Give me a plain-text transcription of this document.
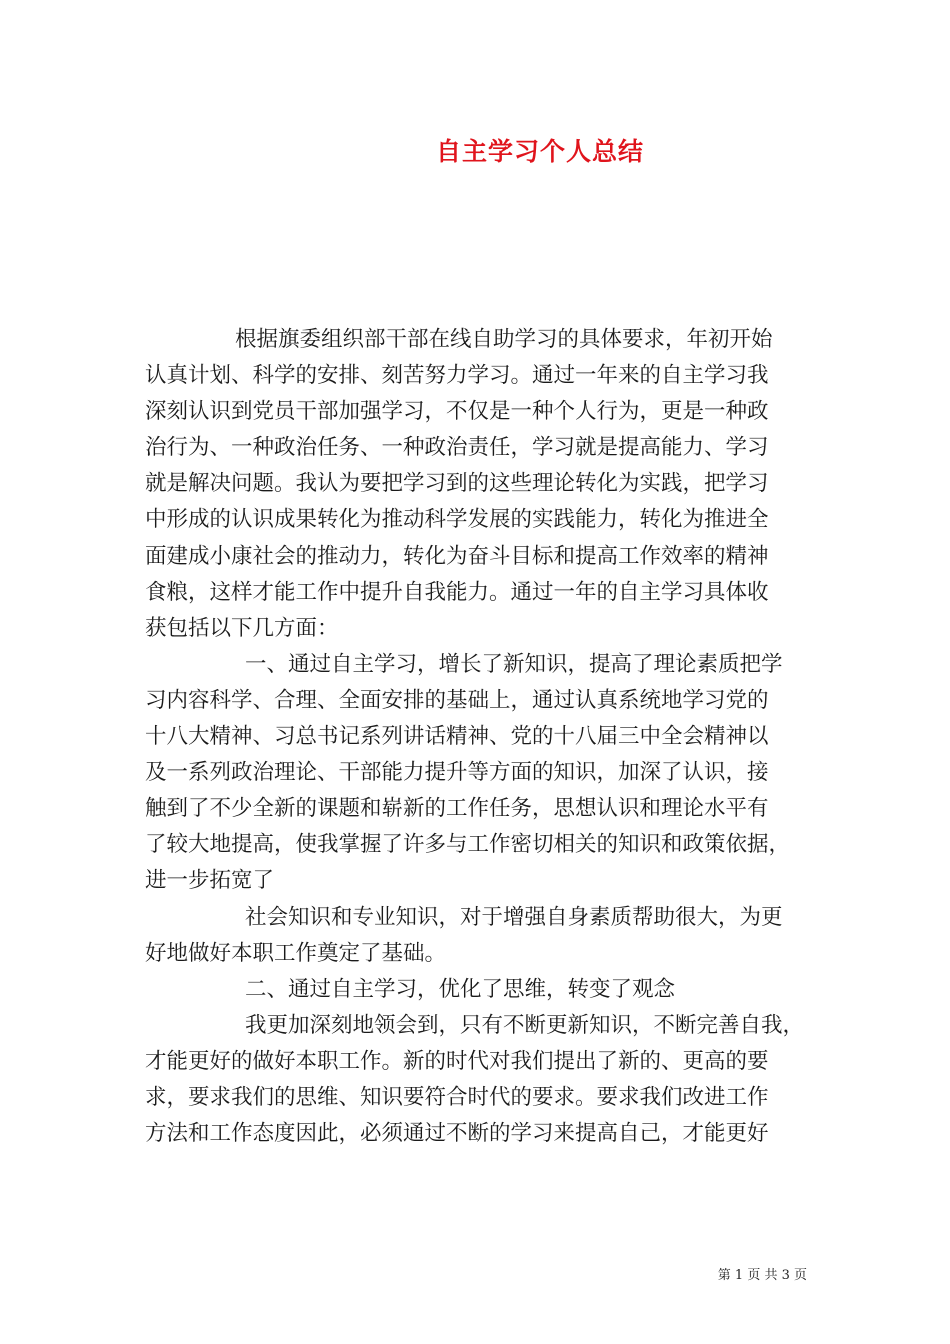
自主学习个人总结
根据旗委组织部干部在线自助学习的具体要求，年初开始
认真计划、科学的安排、刻苦努力学习。通过一年来的自主学习我
深刻认识到党员干部加强学习，不仅是一种个人行为，更是一种政
治行为、一种政治任务、一种政治责任，学习就是提高能力、学习
就是解决问题。我认为要把学习到的这些理论转化为实践，把学习
中形成的认识成果转化为推动科学发展的实践能力，转化为推进全
面建成小康社会的推动力，转化为奋斗目标和提高工作效率的精神
食粮，这样才能工作中提升自我能力。通过一年的自主学习具体收
获包括以下几方面：
一、通过自主学习，增长了新知识，提高了理论素质把学
习内容科学、合理、全面安排的基础上，通过认真系统地学习党的
十八大精神、习总书记系列讲话精神、党的十八届三中全会精神以
及一系列政治理论、干部能力提升等方面的知识，加深了认识，接
触到了不少全新的课题和崭新的工作任务，思想认识和理论水平有
了较大地提高，使我掌握了许多与工作密切相关的知识和政策依据，
进一步拓宽了
社会知识和专业知识，对于增强自身素质帮助很大，为更
好地做好本职工作奠定了基础。
二、通过自主学习，优化了思维，转变了观念
我更加深刻地领会到，只有不断更新知识，不断完善自我，
才能更好的做好本职工作。新的时代对我们提出了新的、更高的要
求，要求我们的思维、知识要符合时代的要求。要求我们改进工作
方法和工作态度因此，必须通过不断的学习来提高自己，才能更好
第 1 页 共 3 页
